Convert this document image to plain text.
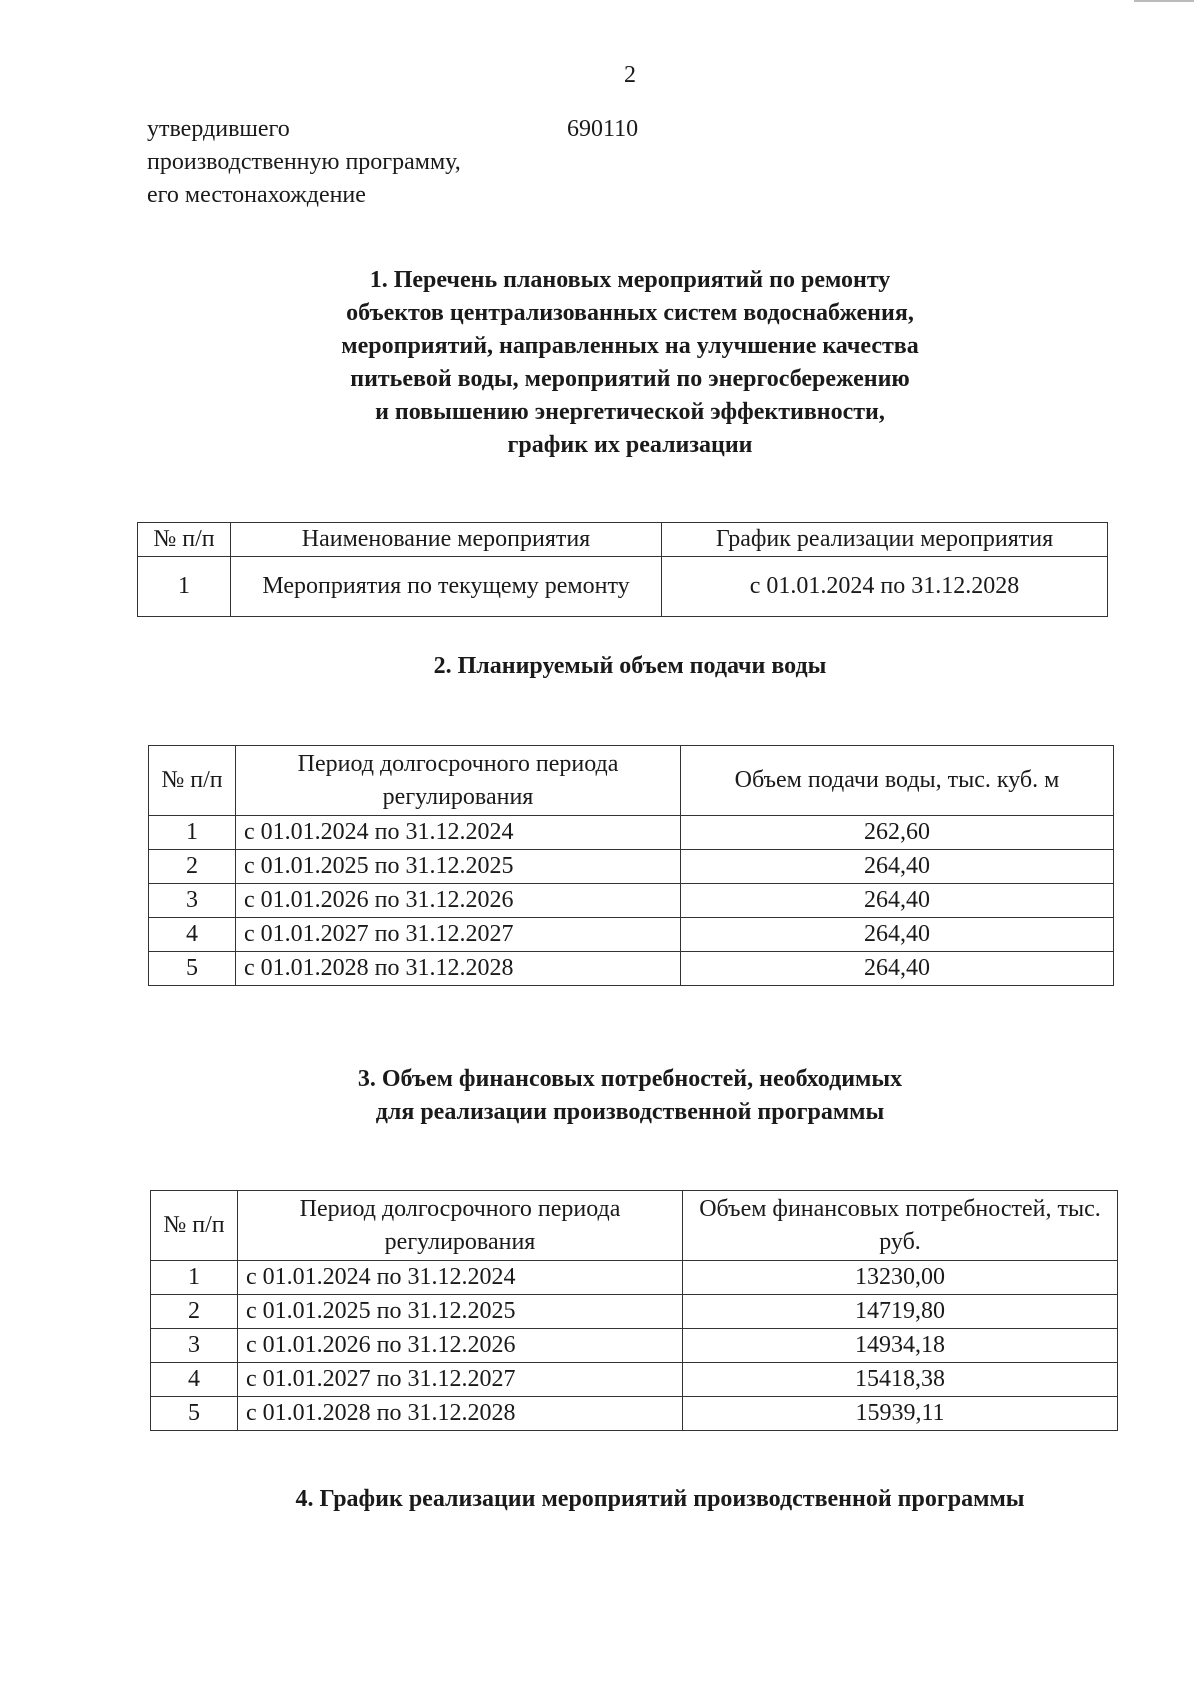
2
утвердившего
производственную программу,
его местонахождение
690110
1. Перечень плановых мероприятий по ремонту
объектов централизованных систем водоснабжения,
мероприятий, направленных на улучшение качества
питьевой воды, мероприятий по энергосбережению
и повышению энергетической эффективности,
график их реализации
№ п/п	Наименование мероприятия	График реализации мероприятия
1	Мероприятия по текущему ремонту	с 01.01.2024 по 31.12.2028
2. Планируемый объем подачи воды
№ п/п	Период долгосрочного периода регулирования	Объем подачи воды, тыс. куб. м
1	с 01.01.2024 по 31.12.2024	262,60
2	с 01.01.2025 по 31.12.2025	264,40
3	с 01.01.2026 по 31.12.2026	264,40
4	с 01.01.2027 по 31.12.2027	264,40
5	с 01.01.2028 по 31.12.2028	264,40
3. Объем финансовых потребностей, необходимых
для реализации производственной программы
№ п/п	Период долгосрочного периода регулирования	Объем финансовых потребностей, тыс. руб.
1	с 01.01.2024 по 31.12.2024	13230,00
2	с 01.01.2025 по 31.12.2025	14719,80
3	с 01.01.2026 по 31.12.2026	14934,18
4	с 01.01.2027 по 31.12.2027	15418,38
5	с 01.01.2028 по 31.12.2028	15939,11
4. График реализации мероприятий производственной программы
